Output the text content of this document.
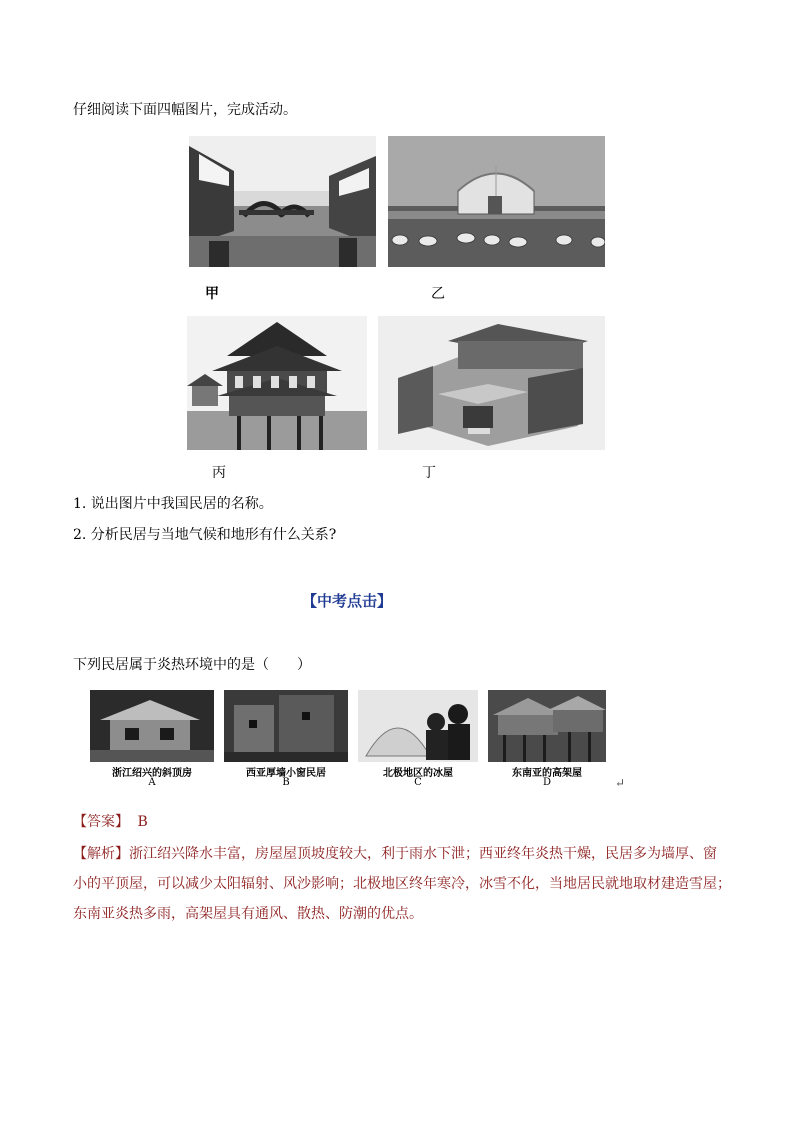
仔细阅读下面四幅图片，完成活动。
甲	乙
丙	丁
1. 说出图片中我国民居的名称。
2. 分析民居与当地气候和地形有什么关系?
【中考点击】
下列民居属于炎热环境中的是（　　）
浙江绍兴的斜顶房
A
西亚厚墙小窗民居
B
北极地区的冰屋
C
东南亚的高架屋
D	↵
【答案】 B
【解析】浙江绍兴降水丰富，房屋屋顶坡度较大，利于雨水下泄；西亚终年炎热干燥，民居多为墙厚、窗
小的平顶屋，可以减少太阳辐射、风沙影响；北极地区终年寒冷，冰雪不化，当地居民就地取材建造雪屋；
东南亚炎热多雨，高架屋具有通风、散热、防潮的优点。
